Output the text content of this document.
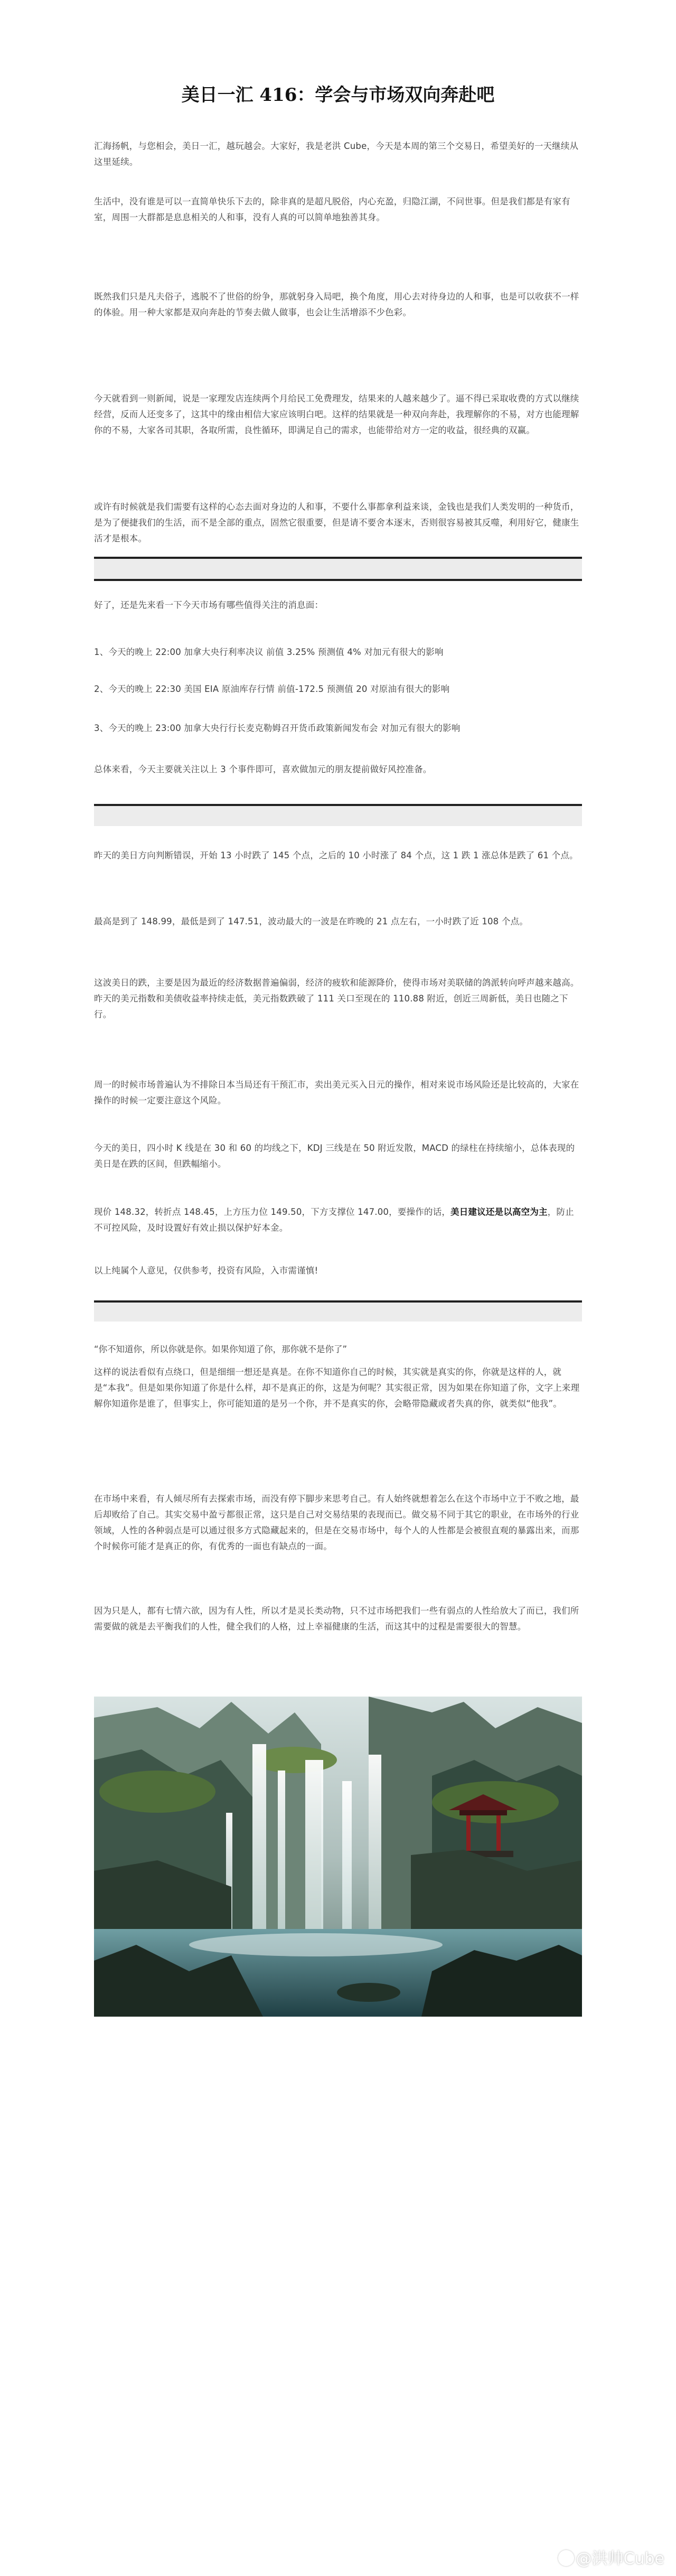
美日一汇 416：学会与市场双向奔赴吧

汇海扬帆，与您相会，美日一汇，越玩越会。大家好，我是老洪 Cube，今天是本周的第三个交易日，希望美好的一天继续从这里延续。

生活中，没有谁是可以一直简单快乐下去的，除非真的是超凡脱俗，内心充盈，归隐江湖，不问世事。但是我们都是有家有室，周围一大群都是息息相关的人和事，没有人真的可以简单地独善其身。

既然我们只是凡夫俗子，逃脱不了世俗的纷争，那就躬身入局吧，换个角度，用心去对待身边的人和事，也是可以收获不一样的体验。用一种大家都是双向奔赴的节奏去做人做事，也会让生活增添不少色彩。

今天就看到一则新闻，说是一家理发店连续两个月给民工免费理发，结果来的人越来越少了。逼不得已采取收费的方式以继续经营，反而人还变多了，这其中的缘由相信大家应该明白吧。这样的结果就是一种双向奔赴，我理解你的不易，对方也能理解你的不易，大家各司其职，各取所需，良性循环，即满足自己的需求，也能带给对方一定的收益，很经典的双赢。

或许有时候就是我们需要有这样的心态去面对身边的人和事，不要什么事都拿利益来谈，金钱也是我们人类发明的一种货币，是为了便捷我们的生活，而不是全部的重点，固然它很重要，但是请不要舍本逐末，否则很容易被其反噬，利用好它，健康生活才是根本。

好了，还是先来看一下今天市场有哪些值得关注的消息面：

1、今天的晚上 22:00 加拿大央行利率决议 前值 3.25% 预测值 4% 对加元有很大的影响

2、今天的晚上 22:30 美国 EIA 原油库存行情 前值-172.5 预测值 20 对原油有很大的影响

3、今天的晚上 23:00 加拿大央行行长麦克勒姆召开货币政策新闻发布会 对加元有很大的影响

总体来看，今天主要就关注以上 3 个事件即可，喜欢做加元的朋友提前做好风控准备。

昨天的美日方向判断错误，开始 13 小时跌了 145 个点，之后的 10 小时涨了 84 个点，这 1 跌 1 涨总体是跌了 61 个点。

最高是到了 148.99，最低是到了 147.51，波动最大的一波是在昨晚的 21 点左右，一小时跌了近 108 个点。

这波美日的跌，主要是因为最近的经济数据普遍偏弱，经济的疲软和能源降价，使得市场对美联储的鸽派转向呼声越来越高。昨天的美元指数和美债收益率持续走低，美元指数跌破了 111 关口至现在的 110.88 附近，创近三周新低，美日也随之下行。

周一的时候市场普遍认为不排除日本当局还有干预汇市，卖出美元买入日元的操作，相对来说市场风险还是比较高的，大家在操作的时候一定要注意这个风险。

今天的美日，四小时 K 线是在 30 和 60 的均线之下，KDJ 三线是在 50 附近发散，MACD 的绿柱在持续缩小，总体表现的美日是在跌的区间，但跌幅缩小。

现价 148.32，转折点 148.45，上方压力位 149.50，下方支撑位 147.00，要操作的话，美日建议还是以高空为主，防止不可控风险，及时设置好有效止损以保护好本金。

以上纯属个人意见，仅供参考，投资有风险，入市需谨慎!

“你不知道你，所以你就是你。如果你知道了你，那你就不是你了”

这样的说法看似有点绕口，但是细细一想还是真是。在你不知道你自己的时候，其实就是真实的你，你就是这样的人，就是“本我”。但是如果你知道了你是什么样，却不是真正的你，这是为何呢？其实很正常，因为如果在你知道了你，文字上来理解你知道你是谁了，但事实上，你可能知道的是另一个你，并不是真实的你，会略带隐藏或者失真的你，就类似“他我”。

在市场中来看，有人倾尽所有去探索市场，而没有停下脚步来思考自己。有人始终就想着怎么在这个市场中立于不败之地，最后却败给了自己。其实交易中盈亏都很正常，这只是自己对交易结果的表现而已。做交易不同于其它的职业，在市场外的行业领域，人性的各种弱点是可以通过很多方式隐藏起来的，但是在交易市场中，每个人的人性都是会被很直观的暴露出来，而那个时候你可能才是真正的你，有优秀的一面也有缺点的一面。

因为只是人，都有七情六欲，因为有人性，所以才是灵长类动物，只不过市场把我们一些有弱点的人性给放大了而已，我们所需要做的就是去平衡我们的人性，健全我们的人格，过上幸福健康的生活，而这其中的过程是需要很大的智慧。

@洪帅Cube
